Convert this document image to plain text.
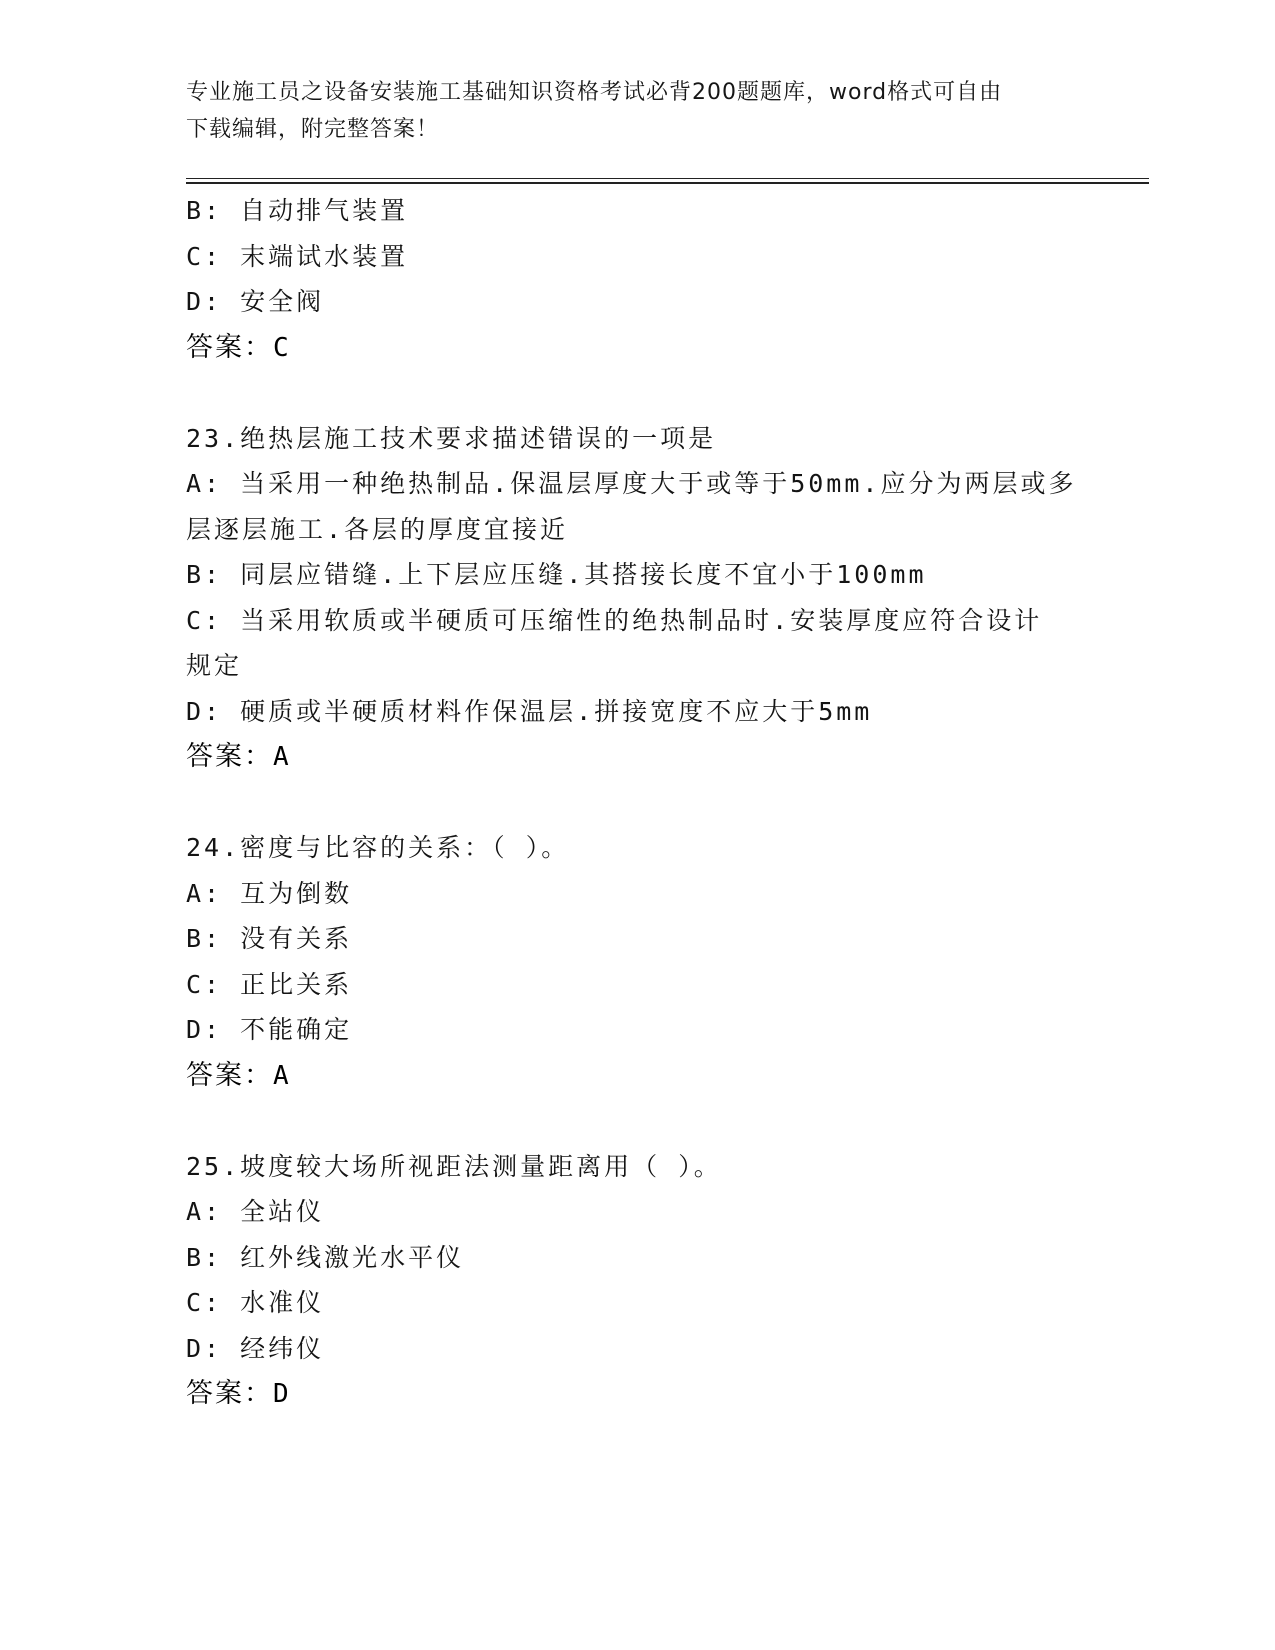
专业施工员之设备安装施工基础知识资格考试必背200题题库，word格式可自由
下载编辑，附完整答案！
B: 自动排气装置
C: 末端试水装置
D: 安全阀
答案：C
23.绝热层施工技术要求描述错误的一项是
A: 当采用一种绝热制品.保温层厚度大于或等于50mm.应分为两层或多
层逐层施工.各层的厚度宜接近
B: 同层应错缝.上下层应压缝.其搭接长度不宜小于100mm
C: 当采用软质或半硬质可压缩性的绝热制品时.安装厚度应符合设计
规定
D: 硬质或半硬质材料作保温层.拼接宽度不应大于5mm
答案：A
24.密度与比容的关系：（ ）。
A: 互为倒数
B: 没有关系
C: 正比关系
D: 不能确定
答案：A
25.坡度较大场所视距法测量距离用（ ）。
A: 全站仪
B: 红外线激光水平仪
C: 水准仪
D: 经纬仪
答案：D
